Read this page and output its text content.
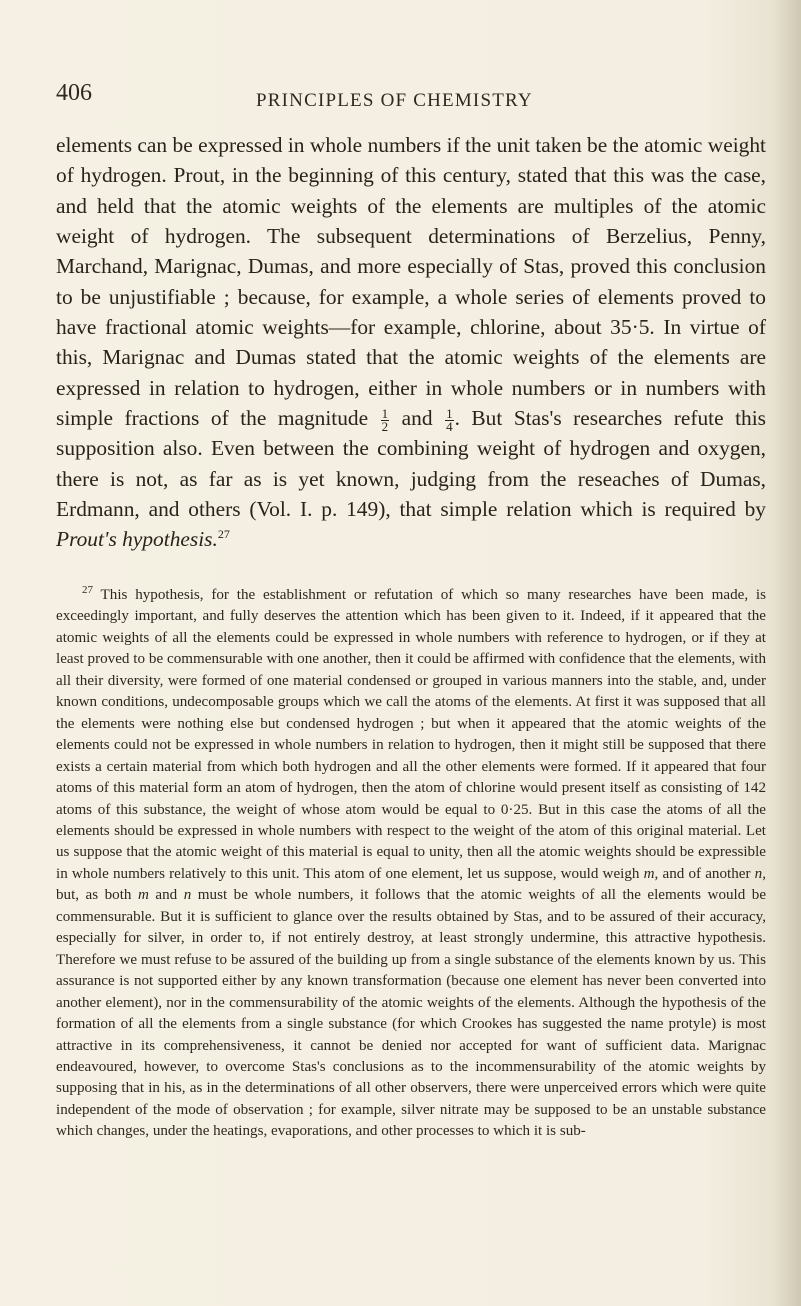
406	PRINCIPLES OF CHEMISTRY
elements can be expressed in whole numbers if the unit taken be the atomic weight of hydrogen. Prout, in the beginning of this century, stated that this was the case, and held that the atomic weights of the elements are multiples of the atomic weight of hydrogen. The subsequent determinations of Berzelius, Penny, Marchand, Marignac, Dumas, and more especially of Stas, proved this conclusion to be unjustifiable ; because, for example, a whole series of elements proved to have fractional atomic weights—for example, chlorine, about 35·5. In virtue of this, Marignac and Dumas stated that the atomic weights of the elements are expressed in relation to hydrogen, either in whole numbers or in numbers with simple fractions of the magnitude $\frac{1}{2}$ and $\frac{1}{4}$ . But Stas's researches refute this supposition also. Even between the combining weight of hydrogen and oxygen, there is not, as far as is yet known, judging from the reseaches of Dumas, Erdmann, and others (Vol. I. p. 149), that simple relation which is required by Prout's hypothesis.$^{27}$
$^{27}$ This hypothesis, for the establishment or refutation of which so many researches have been made, is exceedingly important, and fully deserves the attention which has been given to it. Indeed, if it appeared that the atomic weights of all the elements could be expressed in whole numbers with reference to hydrogen, or if they at least proved to be commensurable with one another, then it could be affirmed with confidence that the elements, with all their diversity, were formed of one material condensed or grouped in various manners into the stable, and, under known conditions, undecomposable groups which we call the atoms of the elements. At first it was supposed that all the elements were nothing else but condensed hydrogen ; but when it appeared that the atomic weights of the elements could not be expressed in whole numbers in relation to hydrogen, then it might still be supposed that there exists a certain material from which both hydrogen and all the other elements were formed. If it appeared that four atoms of this material form an atom of hydrogen, then the atom of chlorine would present itself as consisting of 142 atoms of this substance, the weight of whose atom would be equal to 0·25. But in this case the atoms of all the elements should be expressed in whole numbers with respect to the weight of the atom of this original material. Let us suppose that the atomic weight of this material is equal to unity, then all the atomic weights should be expressible in whole numbers relatively to this unit. This atom of one element, let us suppose, would weigh m, and of another n, but, as both m and n must be whole numbers, it follows that the atomic weights of all the elements would be commensurable. But it is sufficient to glance over the results obtained by Stas, and to be assured of their accuracy, especially for silver, in order to, if not entirely destroy, at least strongly undermine, this attractive hypothesis. Therefore we must refuse to be assured of the building up from a single substance of the elements known by us. This assurance is not supported either by any known transformation (because one element has never been converted into another element), nor in the commensurability of the atomic weights of the elements. Although the hypothesis of the formation of all the elements from a single substance (for which Crookes has suggested the name protyle) is most attractive in its comprehensiveness, it cannot be denied nor accepted for want of sufficient data. Marignac endeavoured, however, to overcome Stas's conclusions as to the incommensurability of the atomic weights by supposing that in his, as in the determinations of all other observers, there were unperceived errors which were quite independent of the mode of observation ; for example, silver nitrate may be supposed to be an unstable substance which changes, under the heatings, evaporations, and other processes to which it is sub-
